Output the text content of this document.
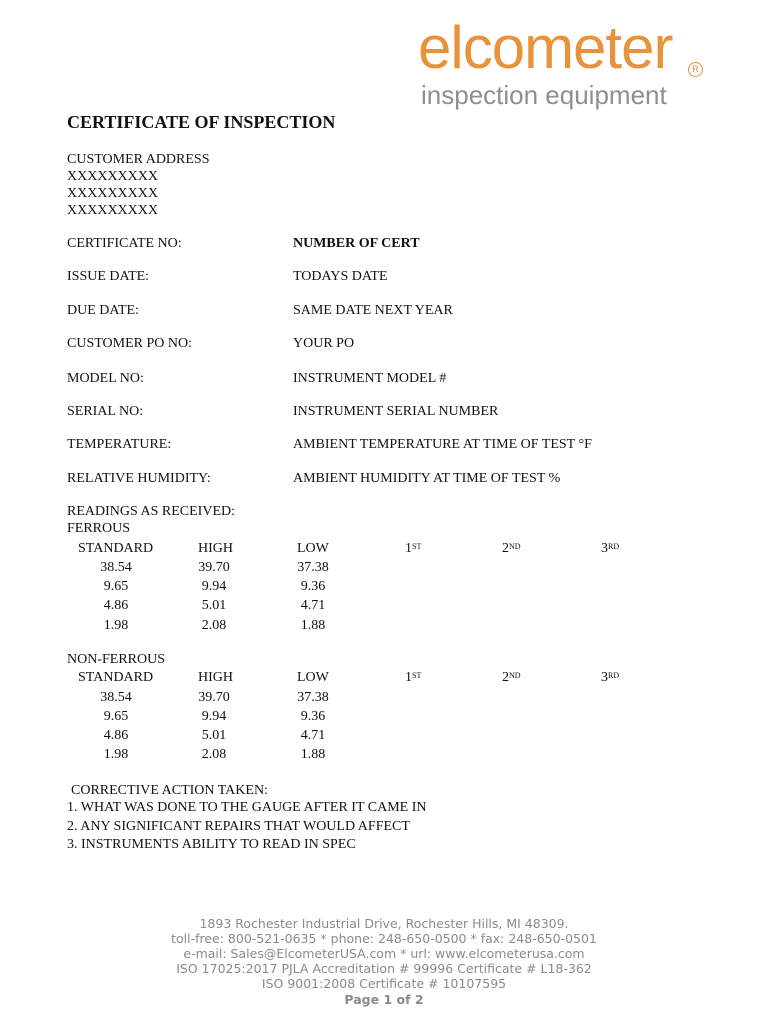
elcometer	R
inspection equipment
CERTIFICATE OF INSPECTION
CUSTOMER ADDRESS
XXXXXXXXX
XXXXXXXXX
XXXXXXXXX
CERTIFICATE NO:	NUMBER OF CERT
ISSUE DATE:	TODAYS DATE
DUE DATE:	SAME DATE NEXT YEAR
CUSTOMER PO NO:	YOUR PO
MODEL NO:	INSTRUMENT MODEL #
SERIAL NO:	INSTRUMENT SERIAL NUMBER
TEMPERATURE:	AMBIENT TEMPERATURE AT TIME OF TEST °F
RELATIVE HUMIDITY:	AMBIENT HUMIDITY AT TIME OF TEST %
READINGS AS RECEIVED:
FERROUS
STANDARD	HIGH	LOW	1ST	2ND	3RD
38.54	39.70	37.38
9.65	9.94	9.36
4.86	5.01	4.71
1.98	2.08	1.88
NON-FERROUS
STANDARD	HIGH	LOW	1ST	2ND	3RD
38.54	39.70	37.38
9.65	9.94	9.36
4.86	5.01	4.71
1.98	2.08	1.88
CORRECTIVE ACTION TAKEN:
1. WHAT WAS DONE TO THE GAUGE AFTER IT CAME IN
2. ANY SIGNIFICANT REPAIRS THAT WOULD AFFECT
3. INSTRUMENTS ABILITY TO READ IN SPEC
1893 Rochester Industrial Drive, Rochester Hills, MI 48309.
toll-free: 800-521-0635 * phone: 248-650-0500 * fax: 248-650-0501
e-mail: Sales@ElcometerUSA.com * url: www.elcometerusa.com
ISO 17025:2017 PJLA Accreditation # 99996 Certificate # L18-362
ISO 9001:2008 Certificate # 10107595
Page 1 of 2
